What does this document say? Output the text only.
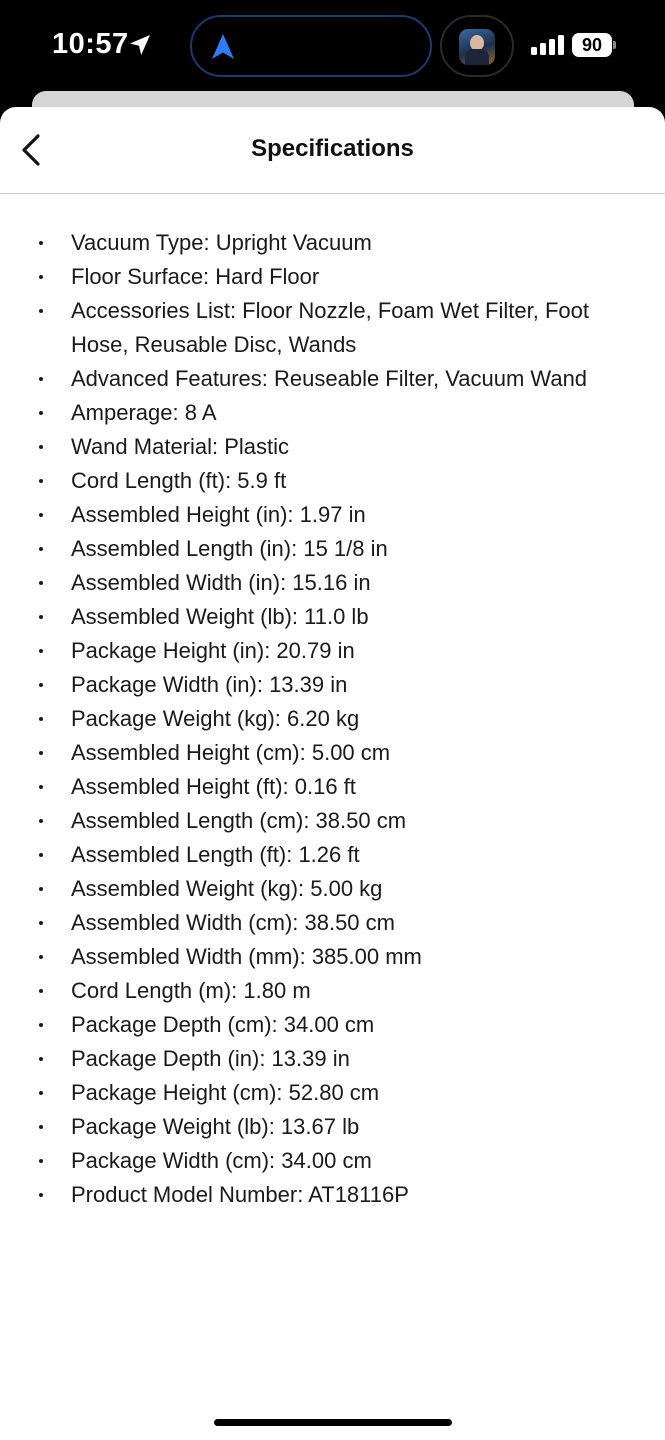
10:57	90
Specifications
Vacuum Type: Upright Vacuum
Floor Surface: Hard Floor
Accessories List: Floor Nozzle, Foam Wet Filter, Foot Hose, Reusable Disc, Wands
Advanced Features: Reuseable Filter, Vacuum Wand
Amperage: 8 A
Wand Material: Plastic
Cord Length (ft): 5.9 ft
Assembled Height (in): 1.97 in
Assembled Length (in): 15 1/8 in
Assembled Width (in): 15.16 in
Assembled Weight (lb): 11.0 lb
Package Height (in): 20.79 in
Package Width (in): 13.39 in
Package Weight (kg): 6.20 kg
Assembled Height (cm): 5.00 cm
Assembled Height (ft): 0.16 ft
Assembled Length (cm): 38.50 cm
Assembled Length (ft): 1.26 ft
Assembled Weight (kg): 5.00 kg
Assembled Width (cm): 38.50 cm
Assembled Width (mm): 385.00 mm
Cord Length (m): 1.80 m
Package Depth (cm): 34.00 cm
Package Depth (in): 13.39 in
Package Height (cm): 52.80 cm
Package Weight (lb): 13.67 lb
Package Width (cm): 34.00 cm
Product Model Number: AT18116P
